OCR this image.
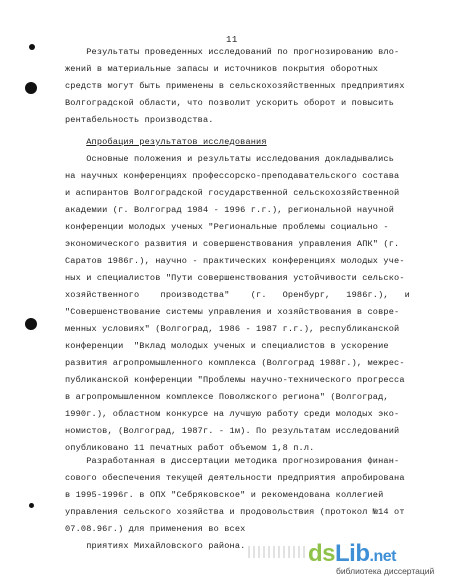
11
Результаты проведенных исследований по прогнозированию вло-
жений в материальные запасы и источников покрытия оборотных
средств могут быть применены в сельскохозяйственных предприятиях
Волгоградской области, что позволит ускорить оборот и повысить
рентабельность производства.
Апробация результатов исследования
Основные положения и результаты исследования докладывались
на научных конференциях профессорско-преподавательского состава
и аспирантов Волгоградской государственной сельскохозяйственной
академии (г. Волгоград 1984 - 1996 г.г.), региональной научной
конференции молодых ученых "Региональные проблемы социально -
экономического развития и совершенствования управления АПК" (г.
Саратов 1986г.), научно - практических конференциях молодых уче-
ных и специалистов "Пути совершенствования устойчивости сельско-
хозяйственного    производства"    (г.   Оренбург,   1986г.),   и
"Совершенствование системы управления и хозяйствования в совре-
менных условиях" (Волгоград, 1986 - 1987 г.г.), республиканской
конференции  "Вклад молодых ученых и специалистов в ускорение
развития агропромышленного комплекса (Волгоград 1988г.), межрес-
публиканской конференции "Проблемы научно-технического прогресса
в агропромышленном комплексе Поволжского региона" (Волгоград,
1990г.), областном конкурсе на лучшую работу среди молодых эко-
номистов, (Волгоград, 1987г. - 1м). По результатам исследований
опубликовано 11 печатных работ объемом 1,8 п.л.
Разработанная в диссертации методика прогнозирования финан-
сового обеспечения текущей деятельности предприятия апробирована
в 1995-1996г. в ОПХ "Себряковское" и рекомендована коллегией
управления сельского хозяйства и продовольствия (протокол №14 от
07.08.96г.) для применения во всех
приятиях Михайловского района.	dsLib.net
библиотека диссертаций
